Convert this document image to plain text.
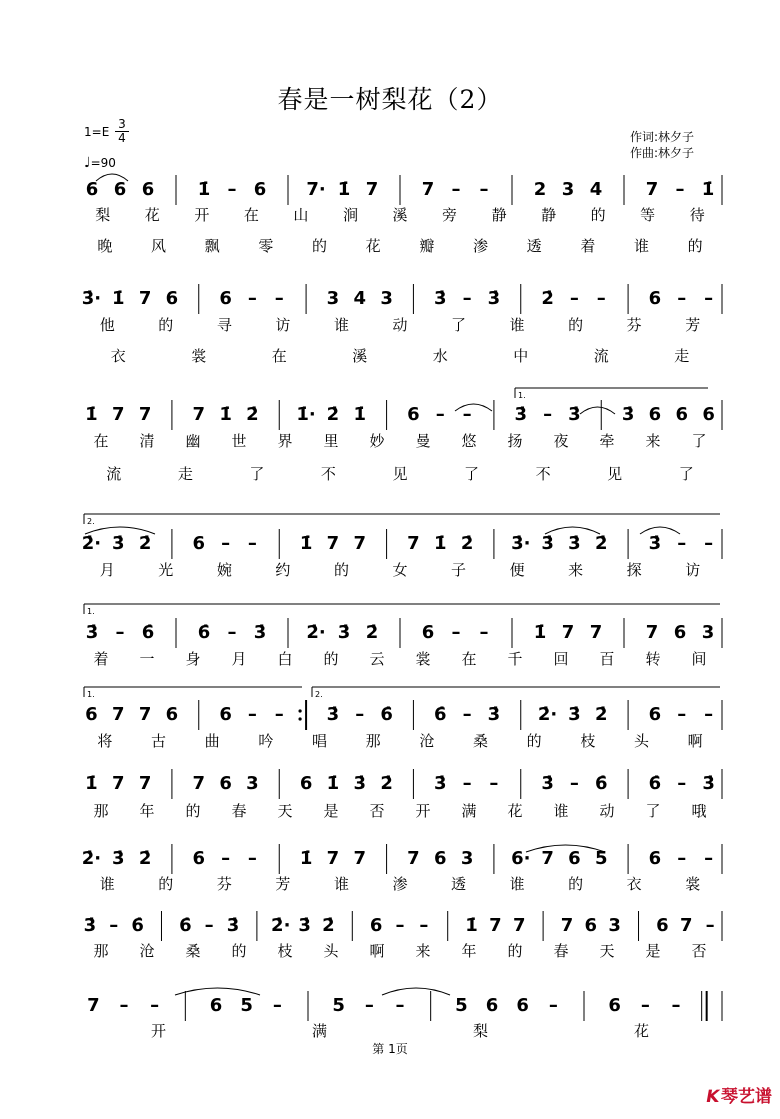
春是一树梨花（2）
1=E
3
4
♩=90
作词:林夕子
作曲:林夕子
6 6 6 1̇ – 6 7· 1̇ 7 7 – –	2 3 4 7 – 1̇
梨 花 开 在 山 涧 溪 旁 静 静 的 等 待
晚	风	飘	零	的	花	瓣	渗	透	着	谁	的
3̇· 1̇ 7 6 6 – – 3 4 3 3̇ – 3̇ 2̇ – – 6 – –
他	的	寻	访	谁	动	了	谁	的	芬	芳
衣	裳	在	溪	水	中	流	走
1̇ 7 7 7 1̇ 2̇ 1̇· 2̇ 1̇ 6 – – 3̇ – 3̇ 3̇ 6 6 6
在 清 幽 世 界 里 妙 曼 悠 扬 夜 牵 来 了
流	走	了	不	见	了	不	见	了
2̇· 3̇ 2̇ 6 – – 1̇ 7 7 7 1̇ 2̇ 3̇· 3̇ 3̇ 2̇ 3̇ – –
月	光	婉	约	的	女	子	便	来	探	访
3̇ – 6̇ 6̇ – 3̇ 2̇· 3̇ 2̇ 6 – –	1̇ 7 7 7 6 3
着 一 身 月 白 的 云 裳 在 千 回 百 转 间
6 7 7 6 6 – – 3̇ – 6̇ 6̇ – 3̇ 2̇· 3̇ 2̇ 6 – –
将	古	曲	吟	唱	那	沧	桑	的	枝	头	啊
1̇ 7 7 7 6 3 6 1̇ 3̇ 2̇ 3̇ – – 3̇ – 6̇ 6̇ – 3̇
那 年 的 春 天 是 否 开 满 花 谁 动 了 哦
2̇· 3̇ 2̇ 6 – – 1̇ 7 7 7 6 3 6· 7 6 5 6 – –
谁	的	芬	芳	谁	渗	透	谁	的	衣	裳
3̇ – 6̇ 6̇ – 3̇ 2̇· 3̇ 2̇ 6 – – 1̇ 7 7 7 6 3 6 7 –
那 沧 桑 的 枝 头 啊 来 年 的 春 天 是 否
7 – –	6 5 –	5 – –	5 6 6 –	6 – –
开	满	梨	花
1.
2.
1.
1.	2.
第 1页
K琴艺谱
